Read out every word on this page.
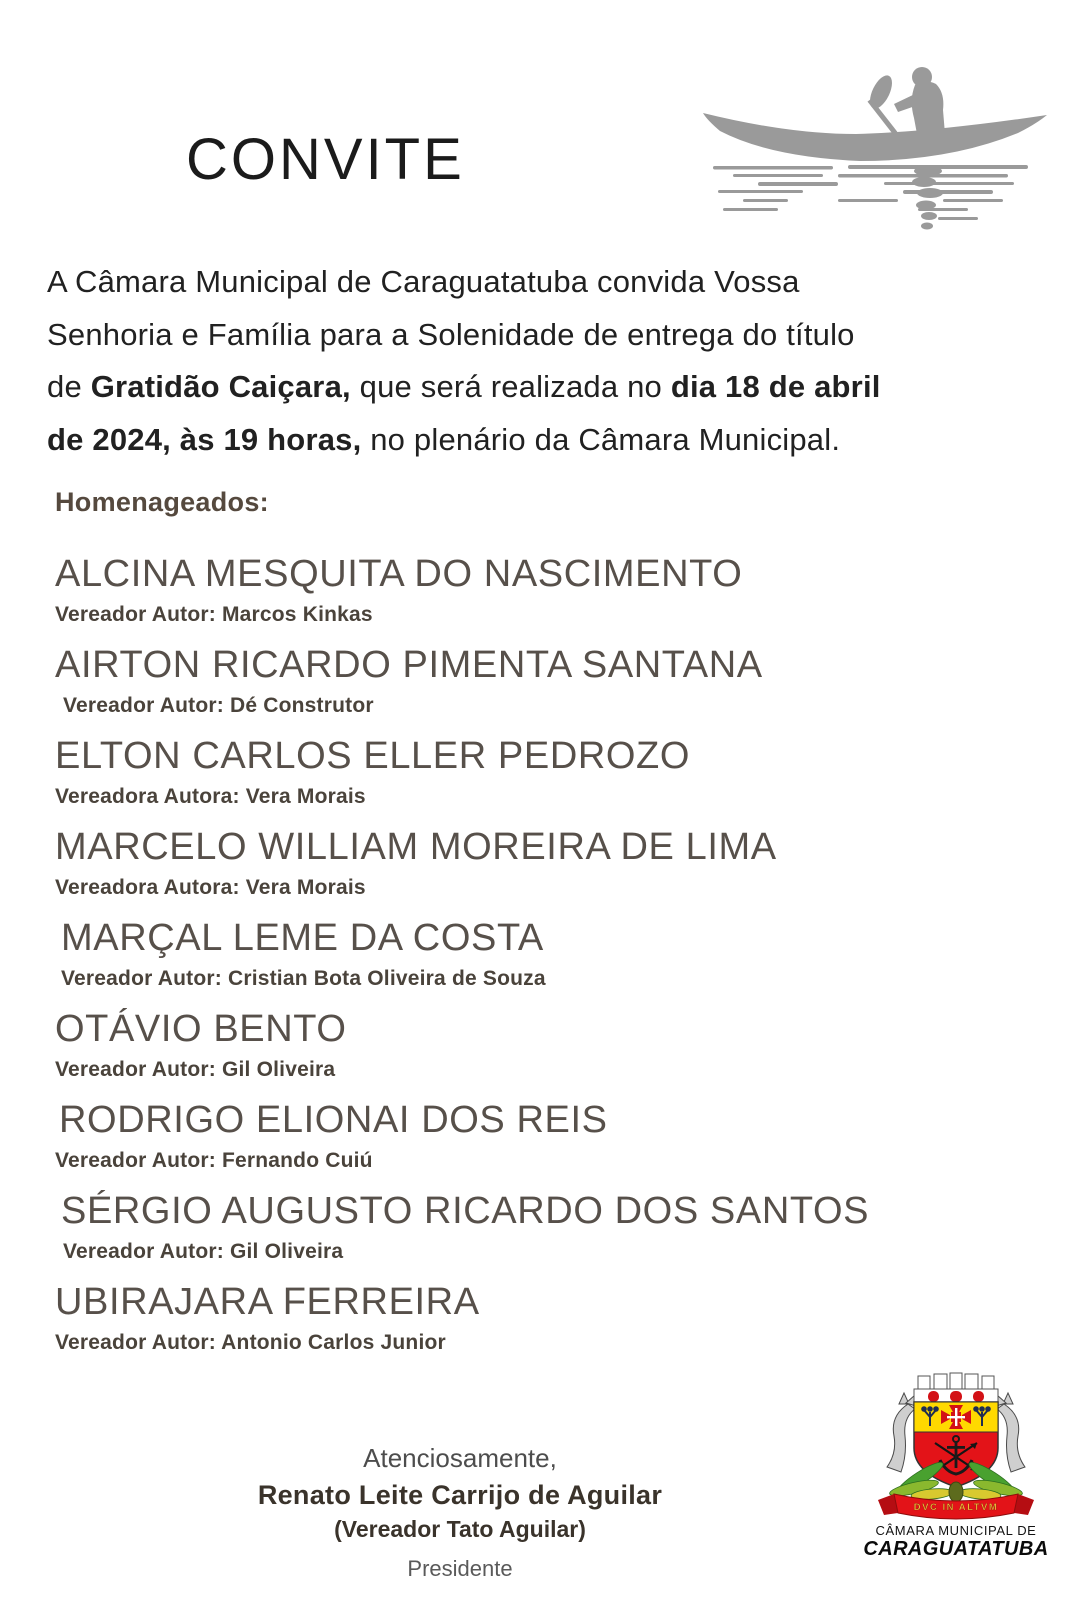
CONVITE
A Câmara Municipal de Caraguatatuba convida Vossa
Senhoria e Família para a Solenidade de entrega do título
de Gratidão Caiçara, que será realizada no dia 18 de abril
de 2024, às 19 horas, no plenário da Câmara Municipal.
Homenageados:
ALCINA MESQUITA DO NASCIMENTO
Vereador Autor: Marcos Kinkas
AIRTON RICARDO PIMENTA SANTANA
Vereador Autor: Dé Construtor
ELTON CARLOS ELLER PEDROZO
Vereadora Autora: Vera Morais
MARCELO WILLIAM MOREIRA DE LIMA
Vereadora Autora: Vera Morais
MARÇAL LEME DA COSTA
Vereador Autor: Cristian Bota Oliveira de Souza
OTÁVIO BENTO
Vereador Autor: Gil Oliveira
RODRIGO ELIONAI DOS REIS
Vereador Autor: Fernando Cuiú
SÉRGIO AUGUSTO RICARDO DOS SANTOS
Vereador Autor: Gil Oliveira
UBIRAJARA FERREIRA
Vereador Autor: Antonio Carlos Junior
Atenciosamente,
Renato Leite Carrijo de Aguilar
(Vereador Tato Aguilar)
Presidente
DVC IN ALTVM
CÂMARA MUNICIPAL DE
CARAGUATATUBA
